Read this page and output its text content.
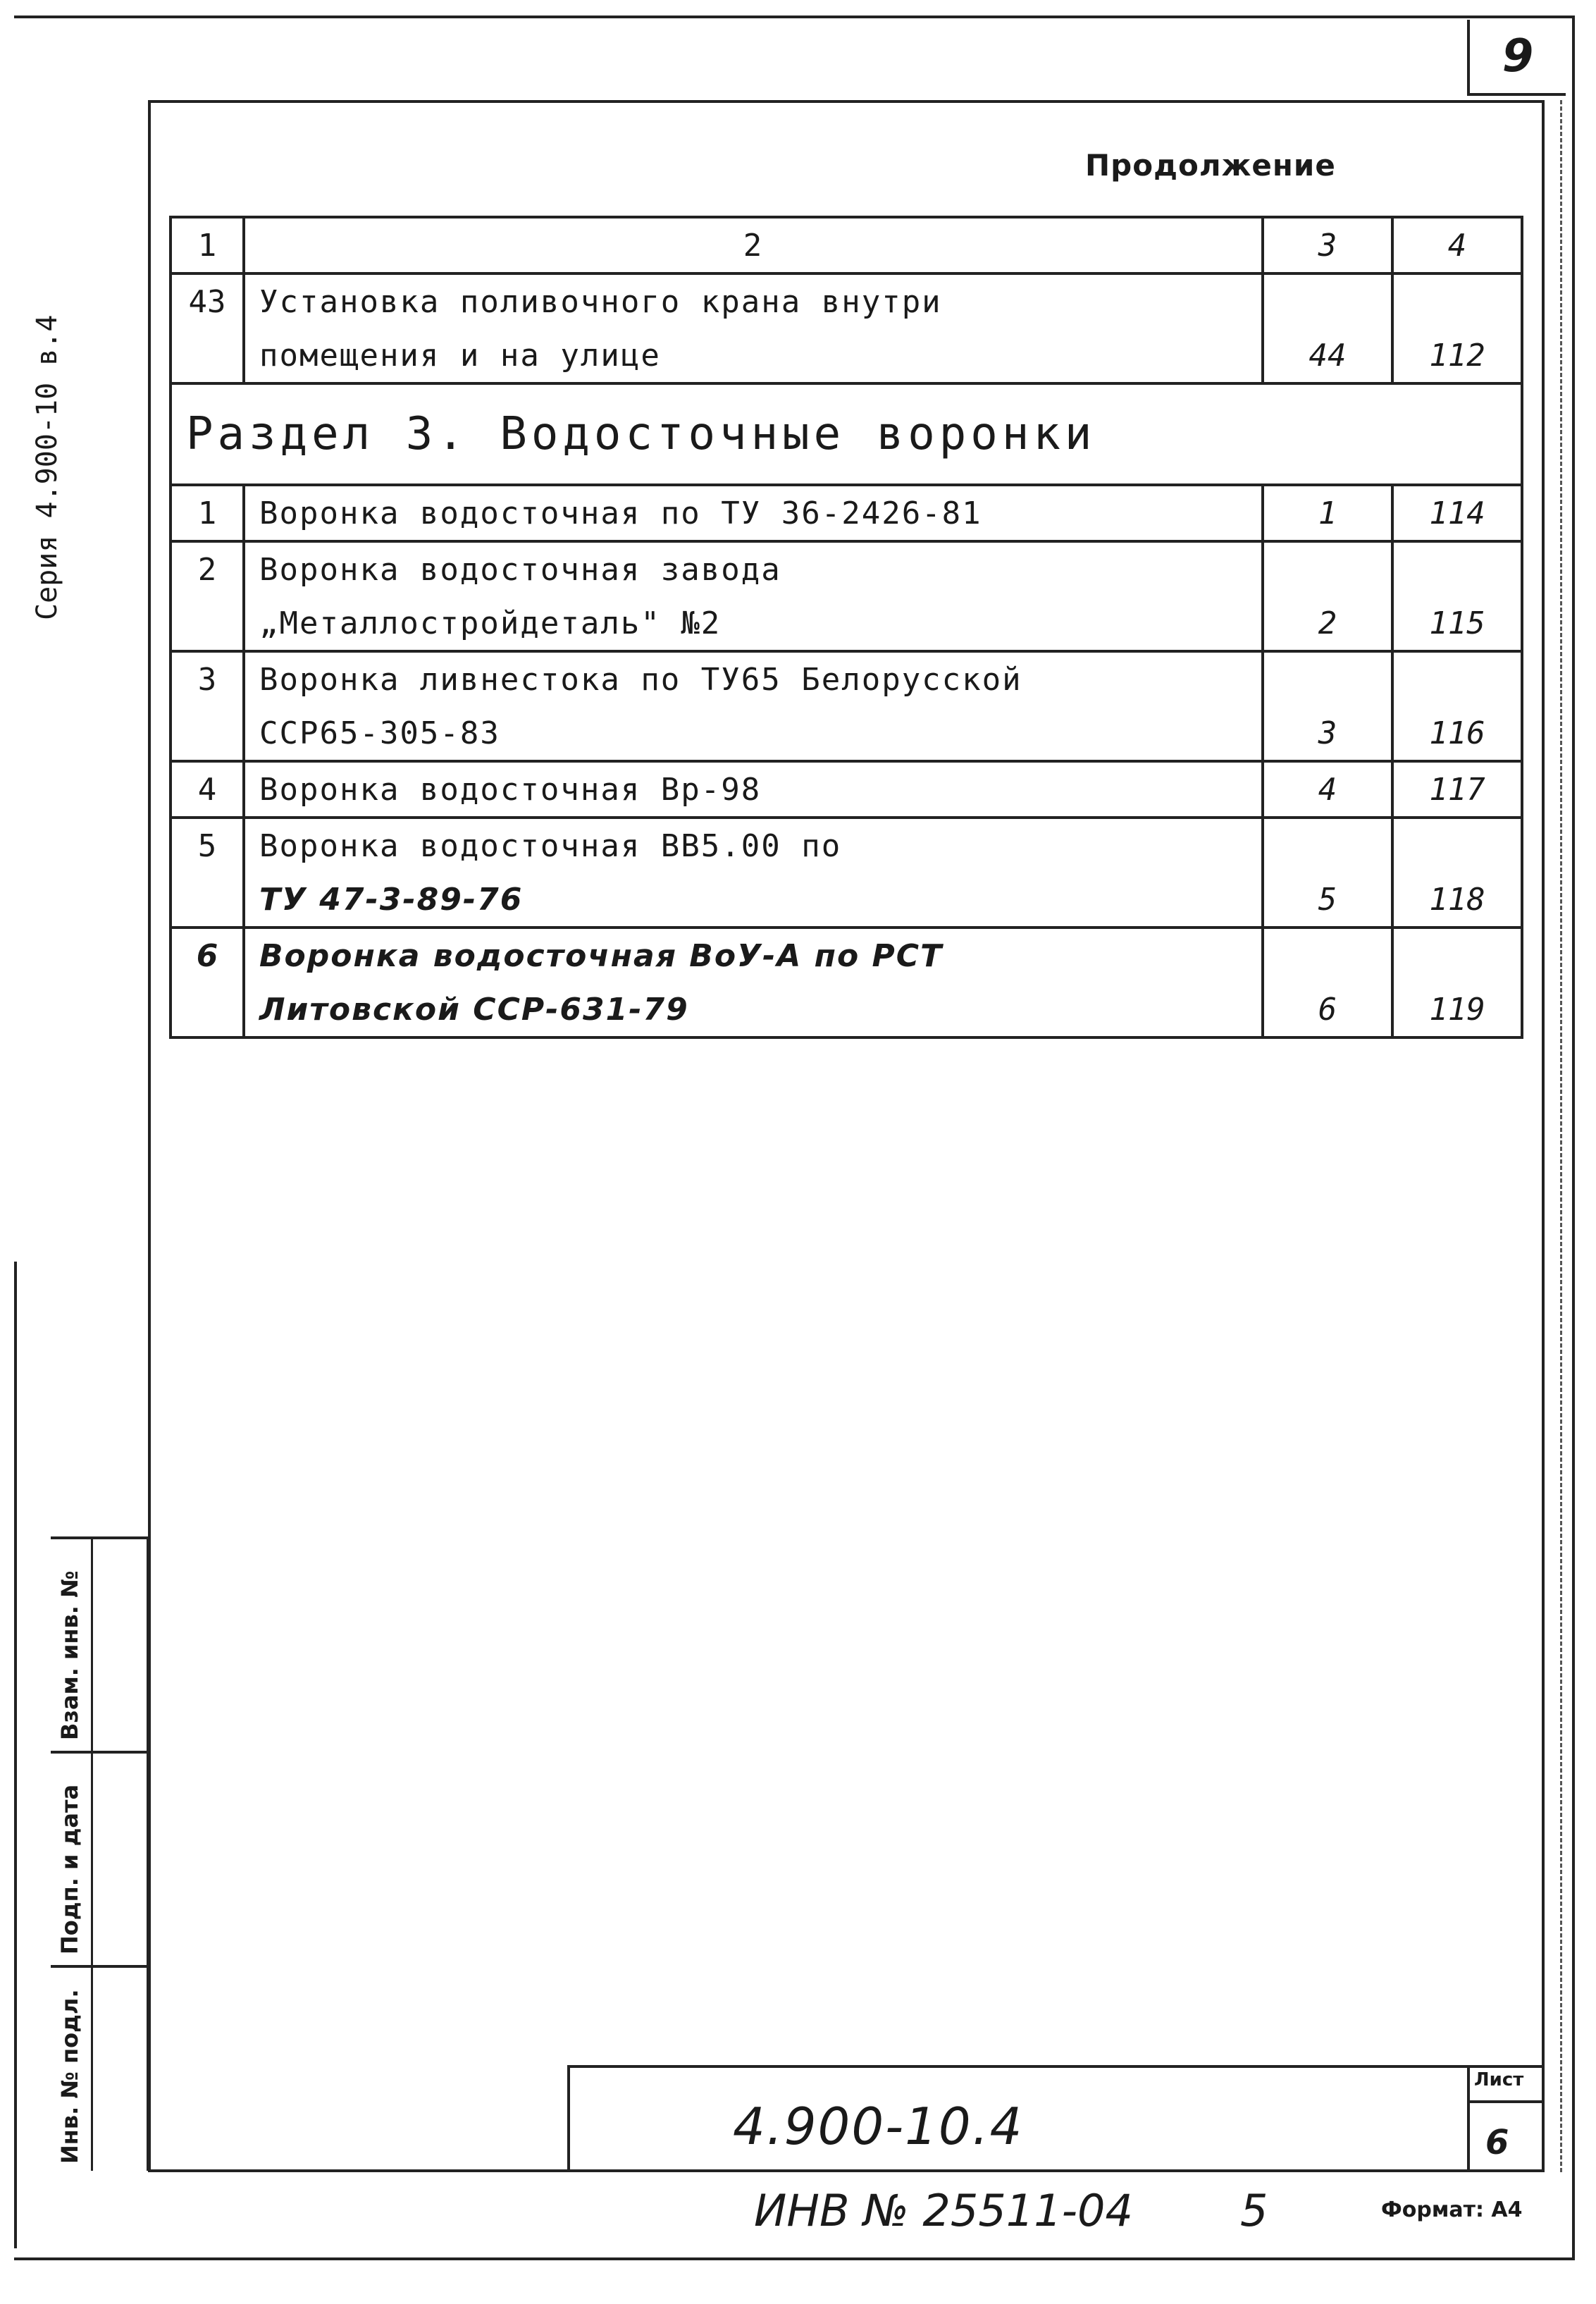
9
Серия 4.900-10 в.4
Продолжение
1	2	3	4
43	Установка поливочного крана внутри		
	помещения и на улице	44	112
Раздел 3. Водосточные воронки			
1	Воронка водосточная по ТУ 36-2426-81	1	114
2	Воронка водосточная завода		
	„Металлостройдеталь" №2	2	115
3	Воронка ливнестока по ТУ65 Белорусской		
	ССР65-305-83	3	116
4	Воронка водосточная Вр-98	4	117
5	Воронка водосточная ВВ5.00 по		
	ТУ 47-3-89-76	5	118
6	Воронка водосточная ВоУ-А по РСТ		
	Литовской ССР-631-79	6	119
Взам. инв. №
Подп. и дата
Инв. № подл.	4.900-10.4
Лист
6
ИНВ № 25511-04 5	Формат: А4
